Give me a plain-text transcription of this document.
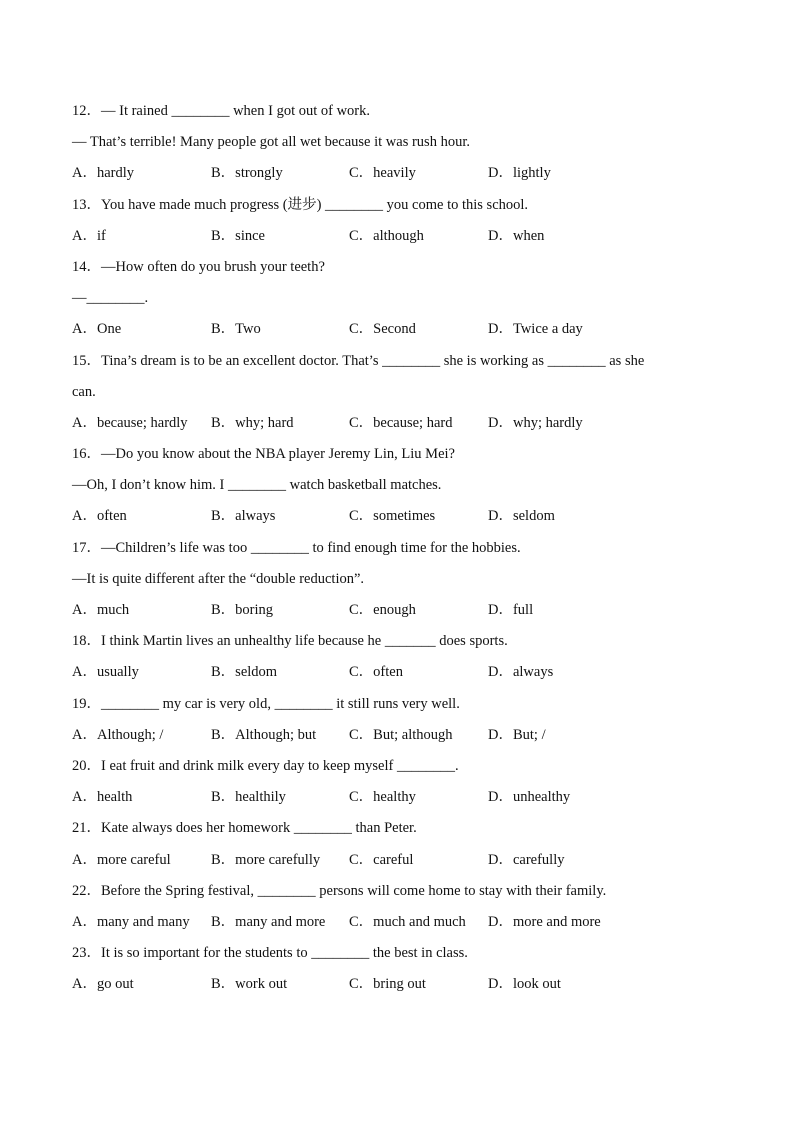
12．— It rained ________ when I got out of work.
— That’s terrible! Many people got all wet because it was rush hour.
A．hardly	B．strongly	C．heavily	D．lightly
13．You have made much progress (进步) ________ you come to this school.
A．if	B．since	C．although	D．when
14．—How often do you brush your teeth?
—________.
A．One	B．Two	C．Second	D．Twice a day
15．Tina’s dream is to be an excellent doctor. That’s ________ she is working as ________ as she
can.
A．because; hardly B．why; hard	C．because; hard D．why; hardly
16．—Do you know about the NBA player Jeremy Lin, Liu Mei?
—Oh, I don’t know him. I ________ watch basketball matches.
A．often	B．always	C．sometimes	D．seldom
17．—Children’s life was too ________ to find enough time for the hobbies.
—It is quite different after the “double reduction”.
A．much	B．boring	C．enough	D．full
18．I think Martin lives an unhealthy life because he _______ does sports.
A．usually	B．seldom	C．often	D．always
19．________ my car is very old, ________ it still runs very well.
A．Although; /	B．Although; but C．But; although D．But; /
20．I eat fruit and drink milk every day to keep myself ________.
A．health	B．healthily	C．healthy	D．unhealthy
21．Kate always does her homework ________ than Peter.
A．more careful	B．more carefully C．careful	D．carefully
22．Before the Spring festival, ________ persons will come home to stay with their family.
A．many and many B．many and more C．much and much D．more and more
23．It is so important for the students to ________ the best in class.
A．go out	B．work out	C．bring out	D．look out
